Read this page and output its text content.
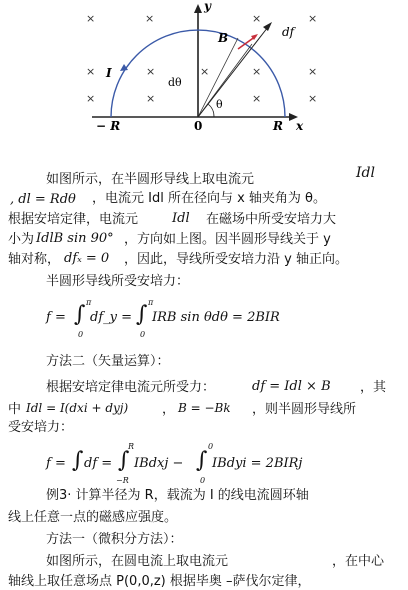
×	×	×	×
×	×	×	×	×
×	×	×	×
y
x
B	df
I
dθ
θ
− R	0	R
如图所示，在半圆形导线上取电流元	Idl
, dl = Rdθ ，电流元 Idl 所在径向与 x 轴夹角为 θ。
根据安培定律，电流元	Idl 在磁场中所受安培力大
小为 IdlB sin 90° ，方向如上图。因半圆形导线关于 y
轴对称， dfₓ = 0 ，因此，导线所受安培力沿 y 轴正向。
半圆形导线所受安培力：
f = ∫ π
0
df_y = ∫ π
0
IRB sin θdθ = 2BIR
方法二（矢量运算）：
根据安培定律电流元所受力：	df = Idl × B ，其
中 Idl = I(dxi + dyj)	， B = −Bk ，则半圆形导线所
受安培力：
f = ∫ df = ∫
R
−R
IBdxj − ∫
0
0
IBdyi = 2BIRj
例3· 计算半径为 R，载流为 I 的线电流圆环轴
线上任意一点的磁感应强度。
方法一（微积分方法）：
如图所示，在圆电流上取电流元	，在中心
轴线上取任意场点 P(0,0,z) 根据毕奥 –萨伐尔定律，
